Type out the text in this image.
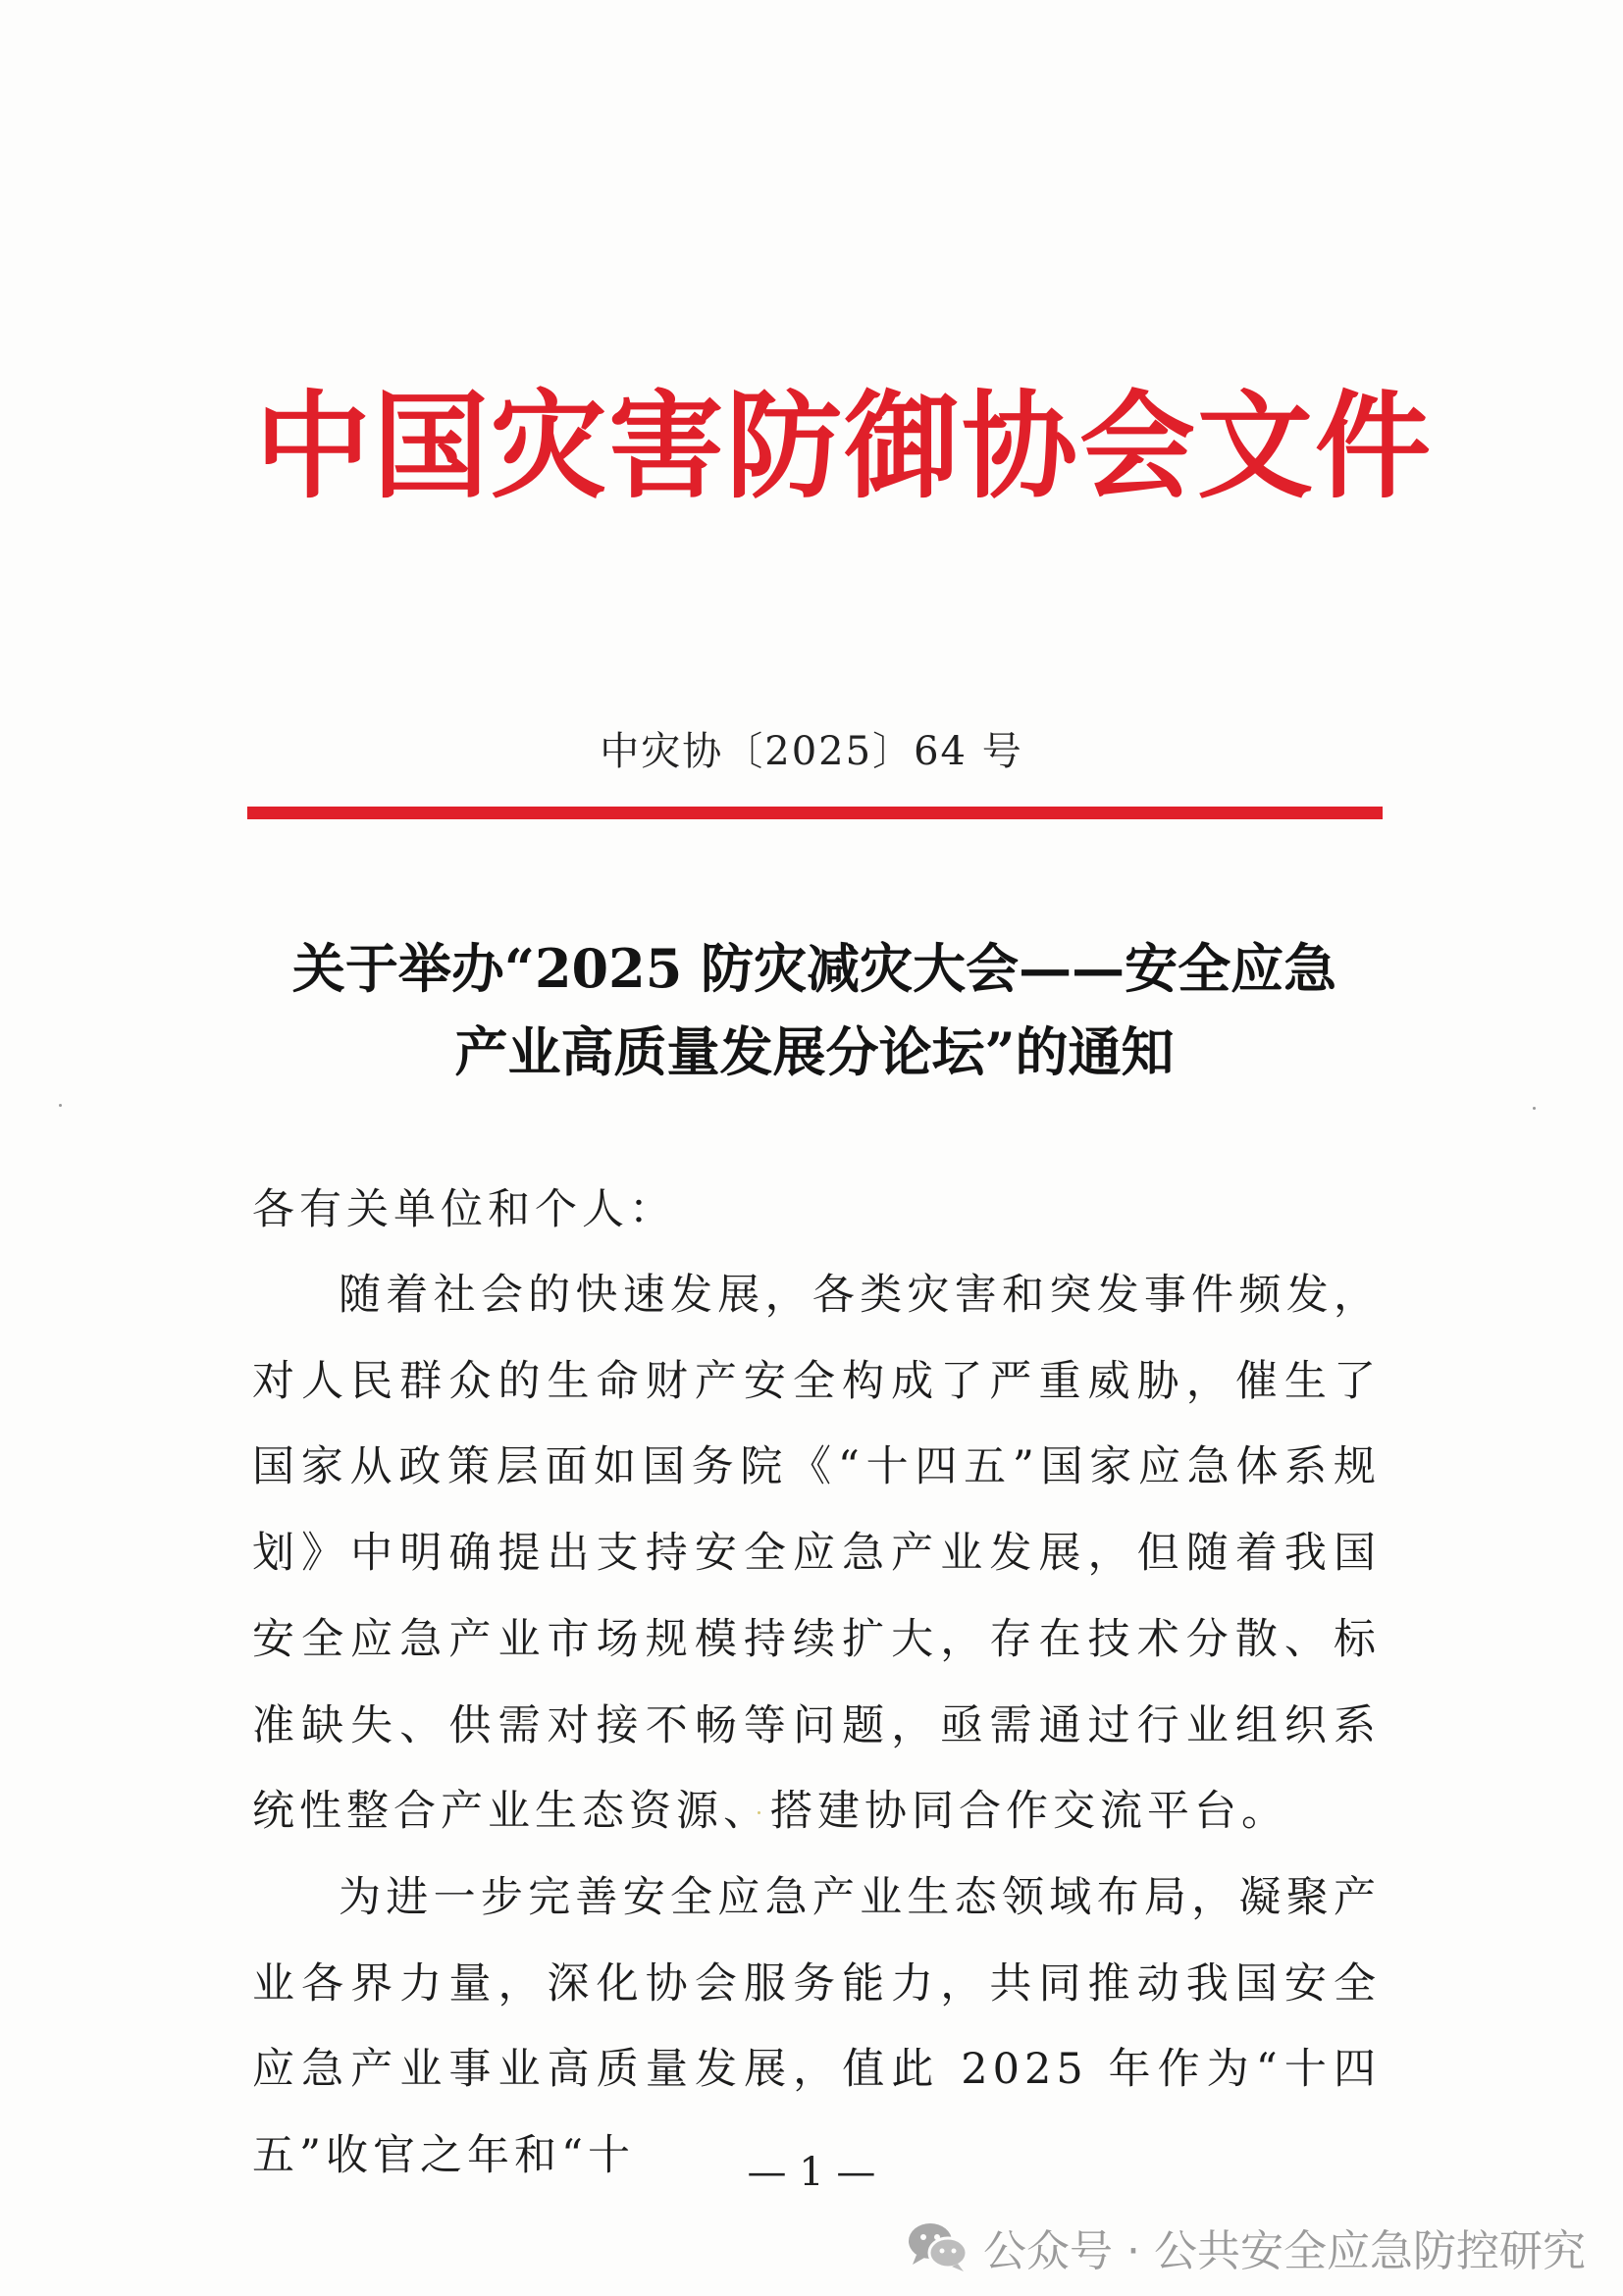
中国灾害防御协会文件
中灾协〔2025〕64 号
关于举办“2025 防灾减灾大会——安全应急
产业高质量发展分论坛”的通知
各有关单位和个人：

随着社会的快速发展，各类灾害和突发事件频发，对人民群众的生命财产安全构成了严重威胁，催生了国家从政策层面如国务院《“十四五”国家应急体系规划》中明确提出支持安全应急产业发展，但随着我国安全应急产业市场规模持续扩大，存在技术分散、标准缺失、供需对接不畅等问题，亟需通过行业组织系统性整合产业生态资源、搭建协同合作交流平台。

为进一步完善安全应急产业生态领域布局，凝聚产业各界力量，深化协会服务能力，共同推动我国安全应急产业事业高质量发展，值此 2025 年作为“十四五”收官之年和“十	— 1 —
公众号 · 公共安全应急防控研究
